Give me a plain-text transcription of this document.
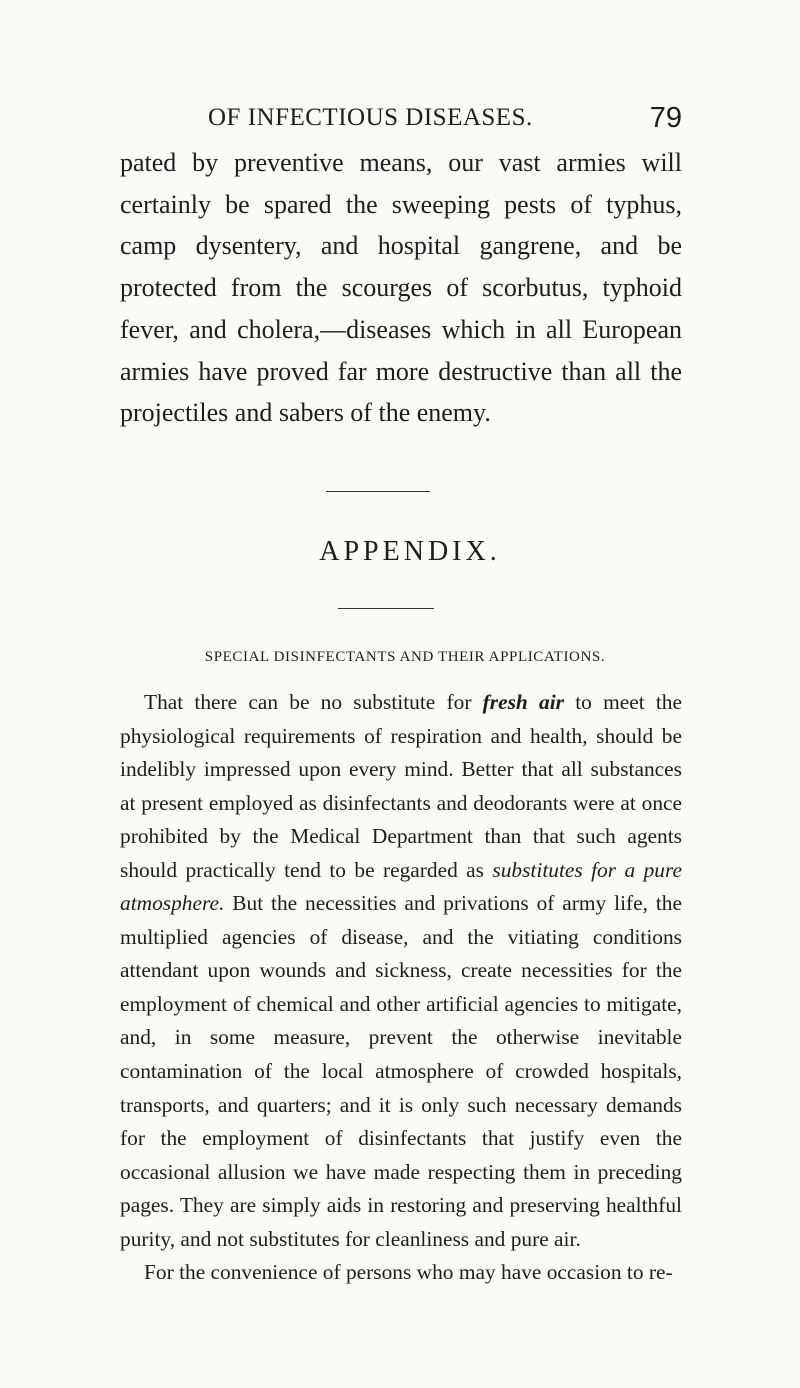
OF INFECTIOUS DISEASES.	79
pated by preventive means, our vast armies will certainly be spared the sweeping pests of typhus, camp dysentery, and hospital gangrene, and be protected from the scourges of scorbutus, typhoid fever, and cholera,—diseases which in all European armies have proved far more destructive than all the projectiles and sabers of the enemy.
APPENDIX.
SPECIAL DISINFECTANTS AND THEIR APPLICATIONS.

That there can be no substitute for fresh air to meet the physiological requirements of respiration and health, should be indelibly impressed upon every mind. Better that all substances at present employed as disinfectants and deodorants were at once prohibited by the Medical Department than that such agents should practically tend to be regarded as substitutes for a pure atmosphere. But the necessities and privations of army life, the multiplied agencies of disease, and the vitiating conditions attendant upon wounds and sickness, create necessities for the employment of chemical and other artificial agencies to mitigate, and, in some measure, prevent the otherwise inevitable contamination of the local atmosphere of crowded hospitals, transports, and quarters; and it is only such necessary demands for the employment of disinfectants that justify even the occasional allusion we have made respecting them in preceding pages. They are simply aids in restoring and preserving healthful purity, and not substitutes for cleanliness and pure air.

For the convenience of persons who may have occasion to re-
